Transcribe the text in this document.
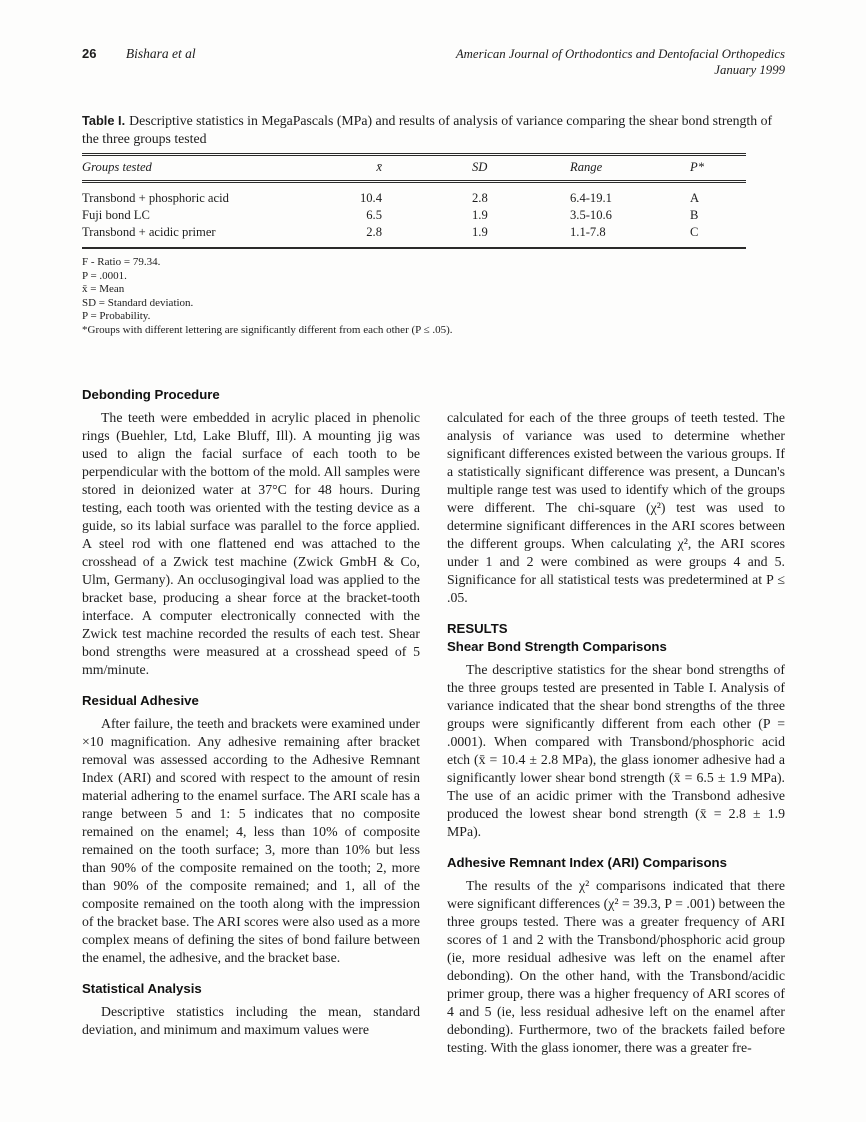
26 Bishara et al	American Journal of Orthodontics and Dentofacial Orthopedics
January 1999
Table I. Descriptive statistics in MegaPascals (MPa) and results of analysis of variance comparing the shear bond strength of the three groups tested
Groups tested	x̄	SD	Range	P*
Transbond + phosphoric acid	10.4	2.8	6.4-19.1	A
Fuji bond LC	6.5	1.9	3.5-10.6	B
Transbond + acidic primer	2.8	1.9	1.1-7.8	C

F - Ratio = 79.34.

P = .0001.

x̄ = Mean

SD = Standard deviation.

P = Probability.

*Groups with different lettering are significantly different from each other (P ≤ .05).

Debonding Procedure

The teeth were embedded in acrylic placed in phenolic rings (Buehler, Ltd, Lake Bluff, Ill). A mounting jig was used to align the facial surface of each tooth to be perpendicular with the bottom of the mold. All samples were stored in deionized water at 37°C for 48 hours. During testing, each tooth was oriented with the testing device as a guide, so its labial surface was parallel to the force applied. A steel rod with one flattened end was attached to the crosshead of a Zwick test machine (Zwick GmbH & Co, Ulm, Germany). An occlusogingival load was applied to the bracket base, producing a shear force at the bracket-tooth interface. A computer electronically connected with the Zwick test machine recorded the results of each test. Shear bond strengths were measured at a crosshead speed of 5 mm/minute.

Residual Adhesive

After failure, the teeth and brackets were examined under ×10 magnification. Any adhesive remaining after bracket removal was assessed according to the Adhesive Remnant Index (ARI) and scored with respect to the amount of resin material adhering to the enamel surface. The ARI scale has a range between 5 and 1: 5 indicates that no composite remained on the enamel; 4, less than 10% of composite remained on the tooth surface; 3, more than 10% but less than 90% of the composite remained on the tooth; 2, more than 90% of the composite remained; and 1, all of the composite remained on the tooth along with the impression of the bracket base. The ARI scores were also used as a more complex means of defining the sites of bond failure between the enamel, the adhesive, and the bracket base.

Statistical Analysis

Descriptive statistics including the mean, standard deviation, and minimum and maximum values were

calculated for each of the three groups of teeth tested. The analysis of variance was used to determine whether significant differences existed between the various groups. If a statistically significant difference was present, a Duncan's multiple range test was used to identify which of the groups were different. The chi-square (χ²) test was used to determine significant differences in the ARI scores between the different groups. When calculating χ², the ARI scores under 1 and 2 were combined as were groups 4 and 5. Significance for all statistical tests was predetermined at P ≤ .05.

RESULTS
Shear Bond Strength Comparisons

The descriptive statistics for the shear bond strengths of the three groups tested are presented in Table I. Analysis of variance indicated that the shear bond strengths of the three groups were significantly different from each other (P = .0001). When compared with Transbond/phosphoric acid etch (x̄ = 10.4 ± 2.8 MPa), the glass ionomer adhesive had a significantly lower shear bond strength (x̄ = 6.5 ± 1.9 MPa). The use of an acidic primer with the Transbond adhesive produced the lowest shear bond strength (x̄ = 2.8 ± 1.9 MPa).

Adhesive Remnant Index (ARI) Comparisons

The results of the χ² comparisons indicated that there were significant differences (χ² = 39.3, P = .001) between the three groups tested. There was a greater frequency of ARI scores of 1 and 2 with the Transbond/phosphoric acid group (ie, more residual adhesive was left on the enamel after debonding). On the other hand, with the Transbond/acidic primer group, there was a higher frequency of ARI scores of 4 and 5 (ie, less residual adhesive left on the enamel after debonding). Furthermore, two of the brackets failed before testing. With the glass ionomer, there was a greater fre-
